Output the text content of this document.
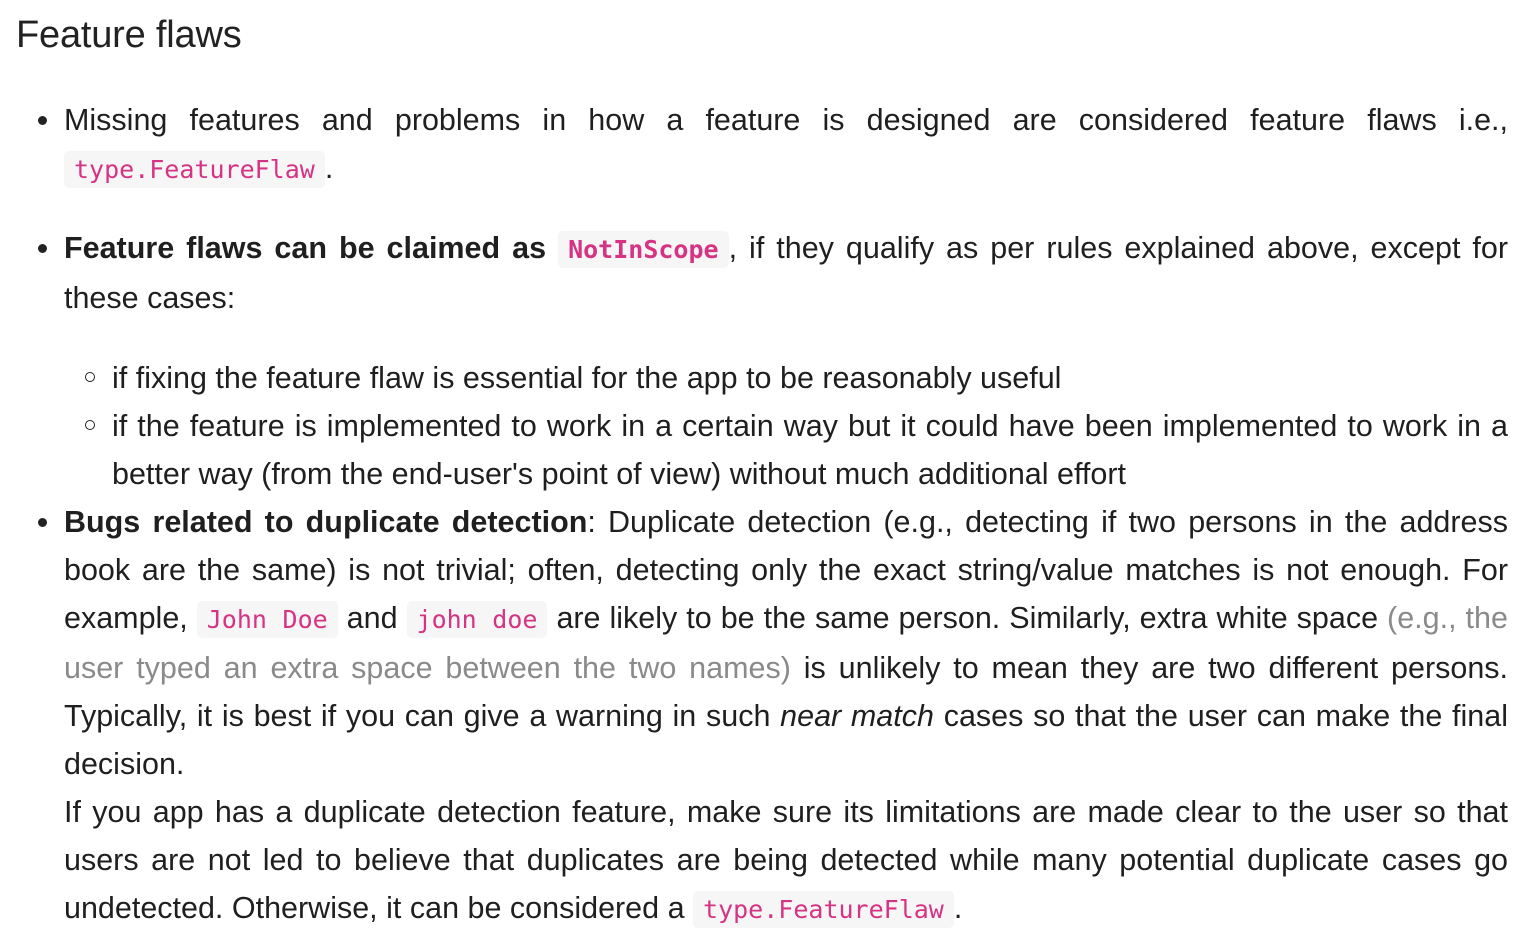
Feature flaws
Missing features and problems in how a feature is designed are considered feature flaws i.e., type.FeatureFlaw .
Feature flaws can be claimed as NotInScope , if they qualify as per rules explained above, except for these cases:
if fixing the feature flaw is essential for the app to be reasonably useful
if the feature is implemented to work in a certain way but it could have been implemented to work in a better way (from the end-user's point of view) without much additional effort
Bugs related to duplicate detection: Duplicate detection (e.g., detecting if two persons in the address book are the same) is not trivial; often, detecting only the exact string/value matches is not enough. For example, John Doe and john doe are likely to be the same person. Similarly, extra white space (e.g., the user typed an extra space between the two names) is unlikely to mean they are two different persons. Typically, it is best if you can give a warning in such near match cases so that the user can make the final decision.
If you app has a duplicate detection feature, make sure its limitations are made clear to the user so that users are not led to believe that duplicates are being detected while many potential duplicate cases go undetected. Otherwise, it can be considered a type.FeatureFlaw .
